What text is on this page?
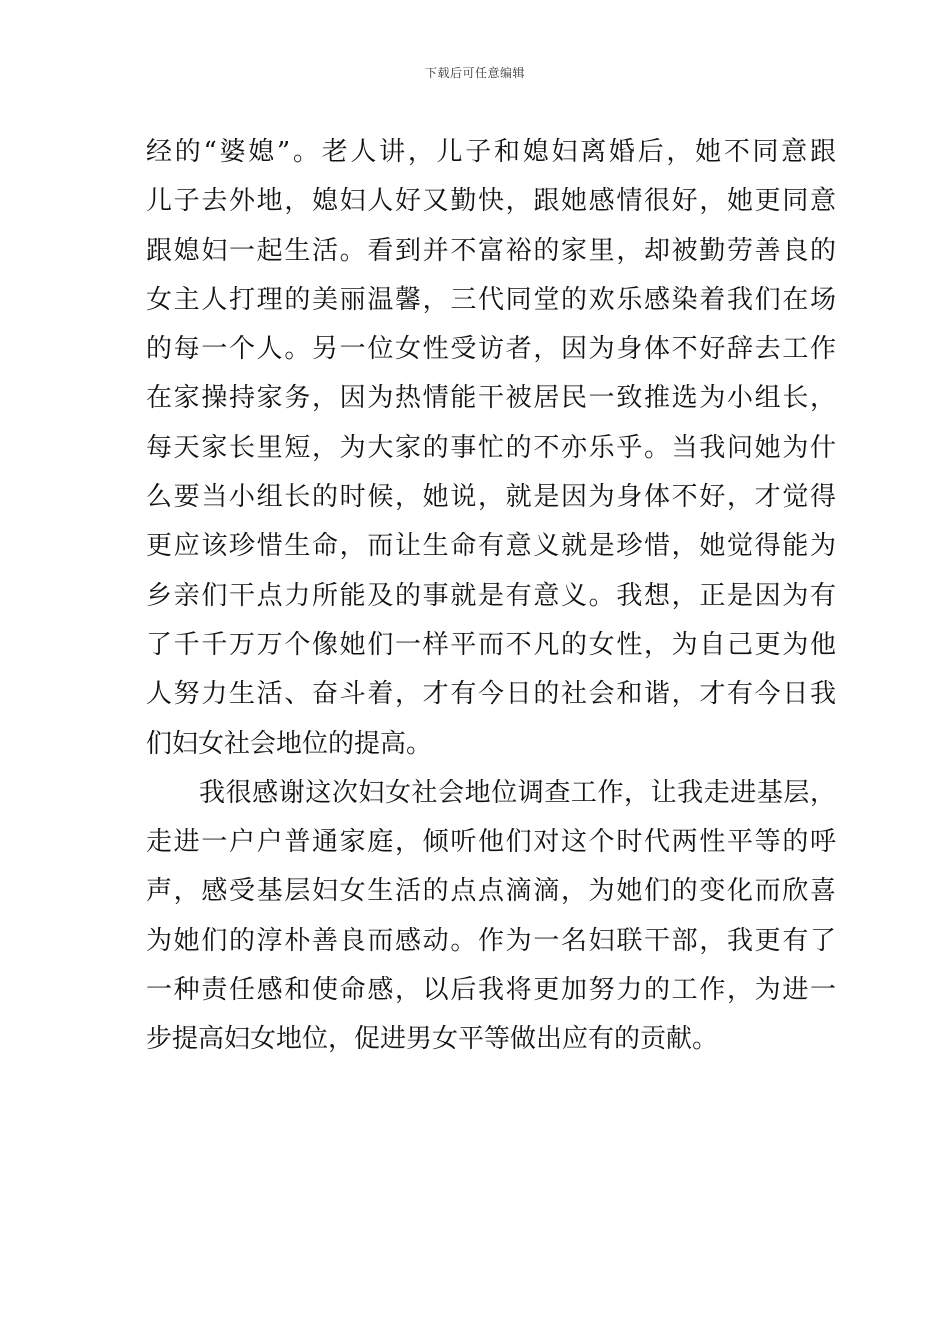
下载后可任意编辑
经的“婆媳”。老人讲，儿子和媳妇离婚后，她不同意跟
儿子去外地，媳妇人好又勤快，跟她感情很好，她更同意
跟媳妇一起生活。看到并不富裕的家里，却被勤劳善良的
女主人打理的美丽温馨，三代同堂的欢乐感染着我们在场
的每一个人。另一位女性受访者，因为身体不好辞去工作
在家操持家务，因为热情能干被居民一致推选为小组长，
每天家长里短，为大家的事忙的不亦乐乎。当我问她为什
么要当小组长的时候，她说，就是因为身体不好，才觉得
更应该珍惜生命，而让生命有意义就是珍惜，她觉得能为
乡亲们干点力所能及的事就是有意义。我想，正是因为有
了千千万万个像她们一样平而不凡的女性，为自己更为他
人努力生活、奋斗着，才有今日的社会和谐，才有今日我
们妇女社会地位的提高。
我很感谢这次妇女社会地位调查工作，让我走进基层，
走进一户户普通家庭，倾听他们对这个时代两性平等的呼
声，感受基层妇女生活的点点滴滴，为她们的变化而欣喜
为她们的淳朴善良而感动。作为一名妇联干部，我更有了
一种责任感和使命感，以后我将更加努力的工作，为进一
步提高妇女地位，促进男女平等做出应有的贡献。
